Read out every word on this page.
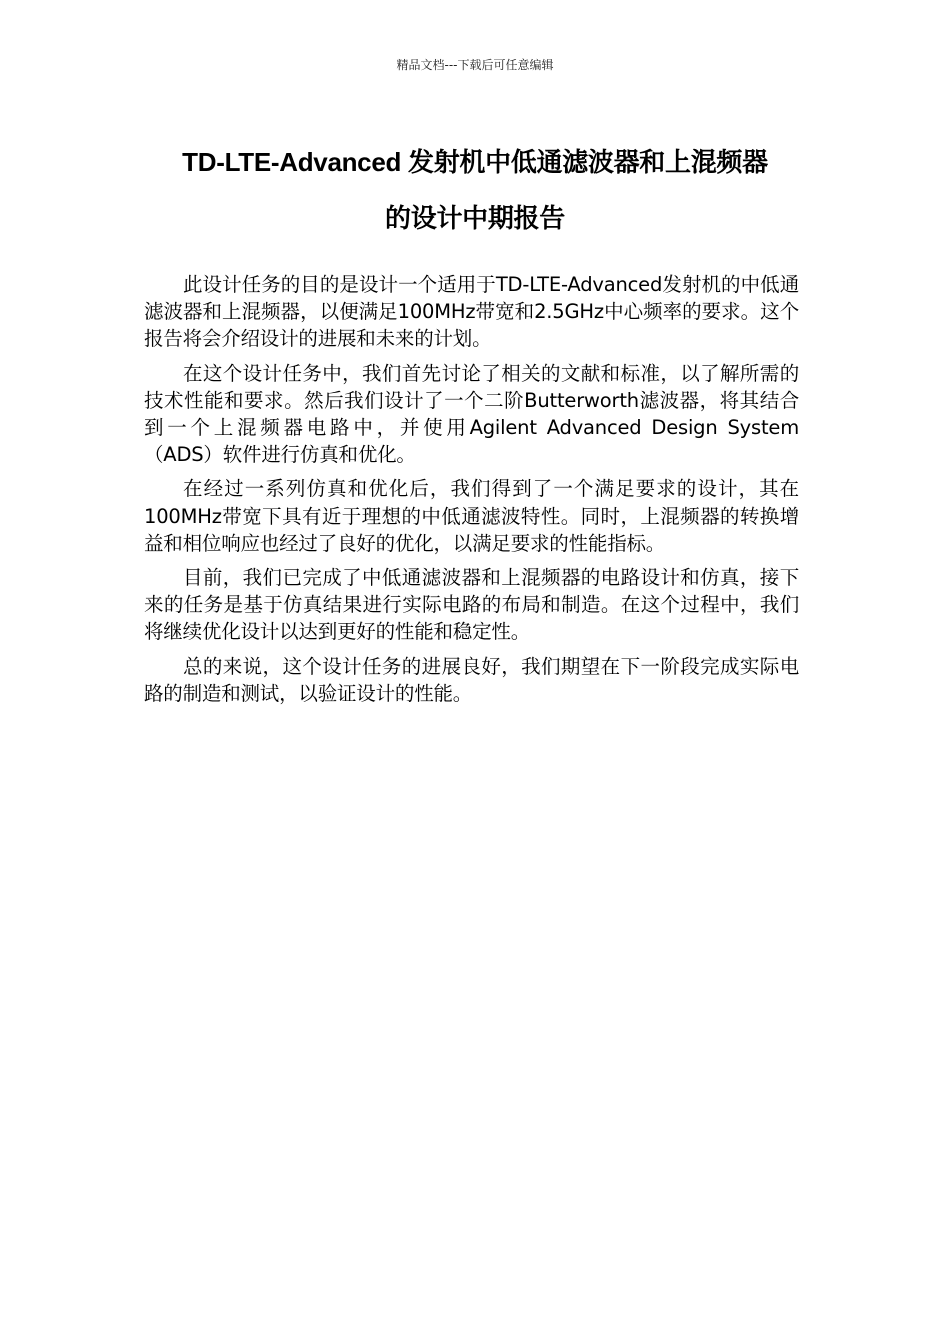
精品文档---下载后可任意编辑
TD-LTE-Advanced 发射机中低通滤波器和上混频器
的设计中期报告

此设计任务的目的是设计一个适用于TD-LTE-Advanced发射机的中低通滤波器和上混频器，以便满足100MHz带宽和2.5GHz中心频率的要求。这个报告将会介绍设计的进展和未来的计划。

在这个设计任务中，我们首先讨论了相关的文献和标准，以了解所需的技术性能和要求。然后我们设计了一个二阶Butterworth滤波器，将其结合到一个上混频器电路中，并使用Agilent Advanced Design System（ADS）软件进行仿真和优化。

在经过一系列仿真和优化后，我们得到了一个满足要求的设计，其在100MHz带宽下具有近于理想的中低通滤波特性。同时，上混频器的转换增益和相位响应也经过了良好的优化，以满足要求的性能指标。

目前，我们已完成了中低通滤波器和上混频器的电路设计和仿真，接下来的任务是基于仿真结果进行实际电路的布局和制造。在这个过程中，我们将继续优化设计以达到更好的性能和稳定性。

总的来说，这个设计任务的进展良好，我们期望在下一阶段完成实际电路的制造和测试，以验证设计的性能。
